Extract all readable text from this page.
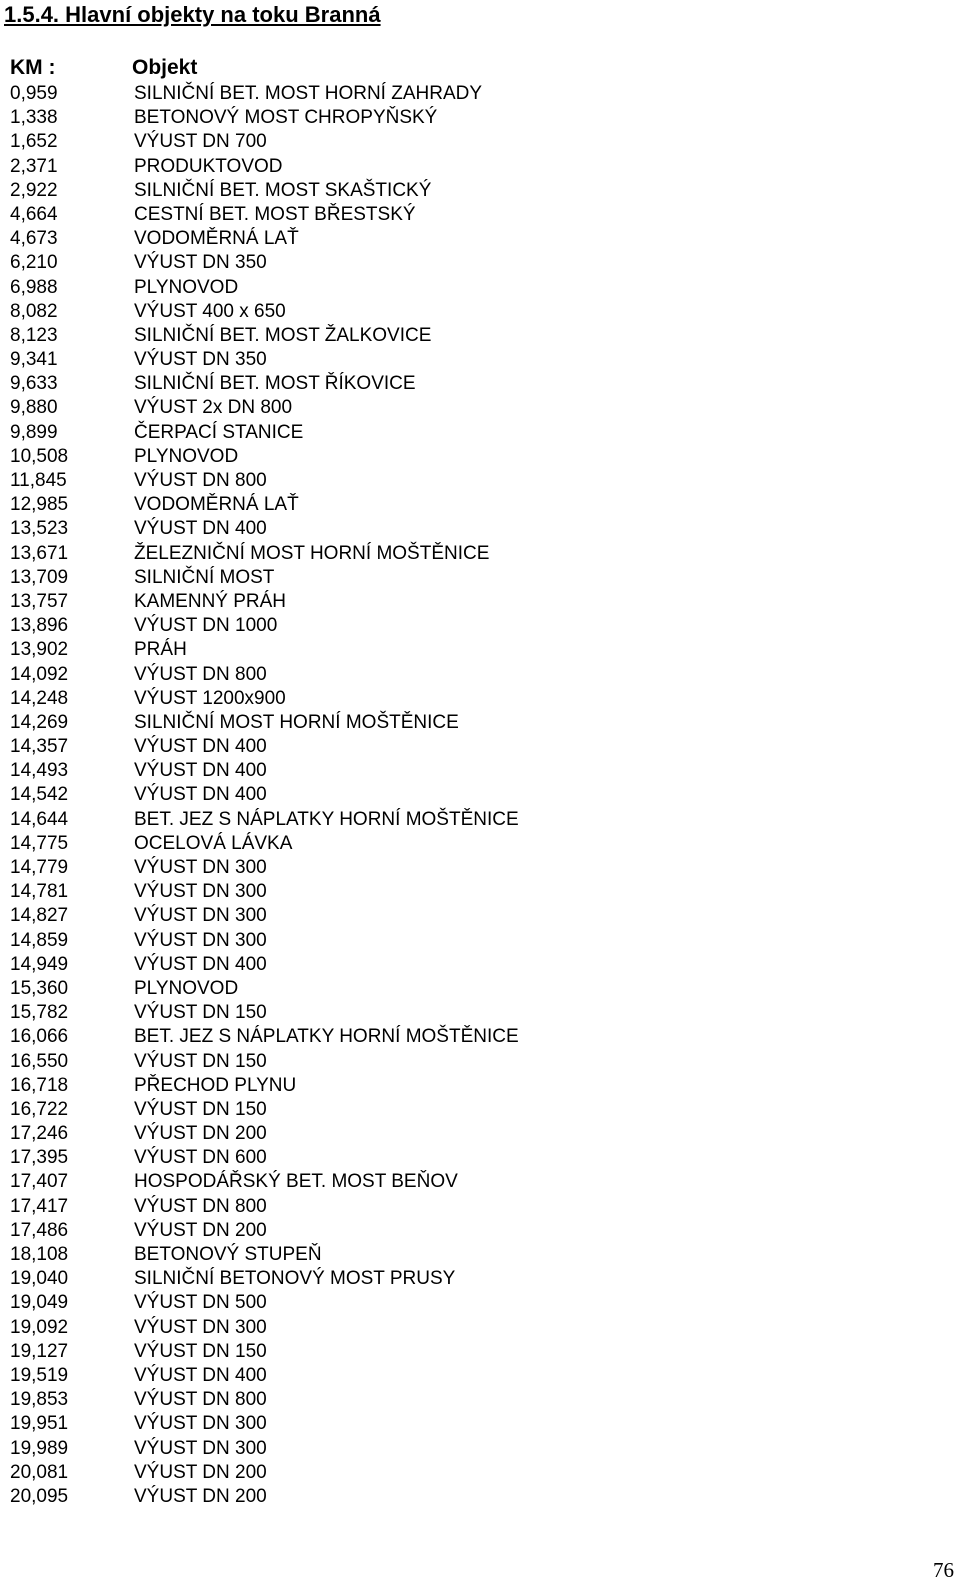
1.5.4. Hlavní objekty na toku Branná
KM :	Objekt
0,959	SILNIČNÍ BET. MOST HORNÍ ZAHRADY
1,338	BETONOVÝ MOST CHROPYŇSKÝ
1,652	VÝUST DN 700
2,371	PRODUKTOVOD
2,922	SILNIČNÍ BET. MOST SKAŠTICKÝ
4,664	CESTNÍ BET. MOST BŘESTSKÝ
4,673	VODOMĚRNÁ LAŤ
6,210	VÝUST DN 350
6,988	PLYNOVOD
8,082	VÝUST 400 x 650
8,123	SILNIČNÍ BET. MOST ŽALKOVICE
9,341	VÝUST DN 350
9,633	SILNIČNÍ BET. MOST ŘÍKOVICE
9,880	VÝUST 2x DN 800
9,899	ČERPACÍ STANICE
10,508	PLYNOVOD
11,845	VÝUST DN 800
12,985	VODOMĚRNÁ LAŤ
13,523	VÝUST DN 400
13,671	ŽELEZNIČNÍ MOST HORNÍ MOŠTĚNICE
13,709	SILNIČNÍ MOST
13,757	KAMENNÝ PRÁH
13,896	VÝUST DN 1000
13,902	PRÁH
14,092	VÝUST DN 800
14,248	VÝUST 1200x900
14,269	SILNIČNÍ MOST HORNÍ MOŠTĚNICE
14,357	VÝUST DN 400
14,493	VÝUST DN 400
14,542	VÝUST DN 400
14,644	BET. JEZ S NÁPLATKY HORNÍ MOŠTĚNICE
14,775	OCELOVÁ LÁVKA
14,779	VÝUST DN 300
14,781	VÝUST DN 300
14,827	VÝUST DN 300
14,859	VÝUST DN 300
14,949	VÝUST DN 400
15,360	PLYNOVOD
15,782	VÝUST DN 150
16,066	BET. JEZ S NÁPLATKY HORNÍ MOŠTĚNICE
16,550	VÝUST DN 150
16,718	PŘECHOD PLYNU
16,722	VÝUST DN 150
17,246	VÝUST DN 200
17,395	VÝUST DN 600
17,407	HOSPODÁŘSKÝ BET. MOST BEŇOV
17,417	VÝUST DN 800
17,486	VÝUST DN 200
18,108	BETONOVÝ STUPEŇ
19,040	SILNIČNÍ BETONOVÝ MOST PRUSY
19,049	VÝUST DN 500
19,092	VÝUST DN 300
19,127	VÝUST DN 150
19,519	VÝUST DN 400
19,853	VÝUST DN 800
19,951	VÝUST DN 300
19,989	VÝUST DN 300
20,081	VÝUST DN 200
20,095	VÝUST DN 200
76
